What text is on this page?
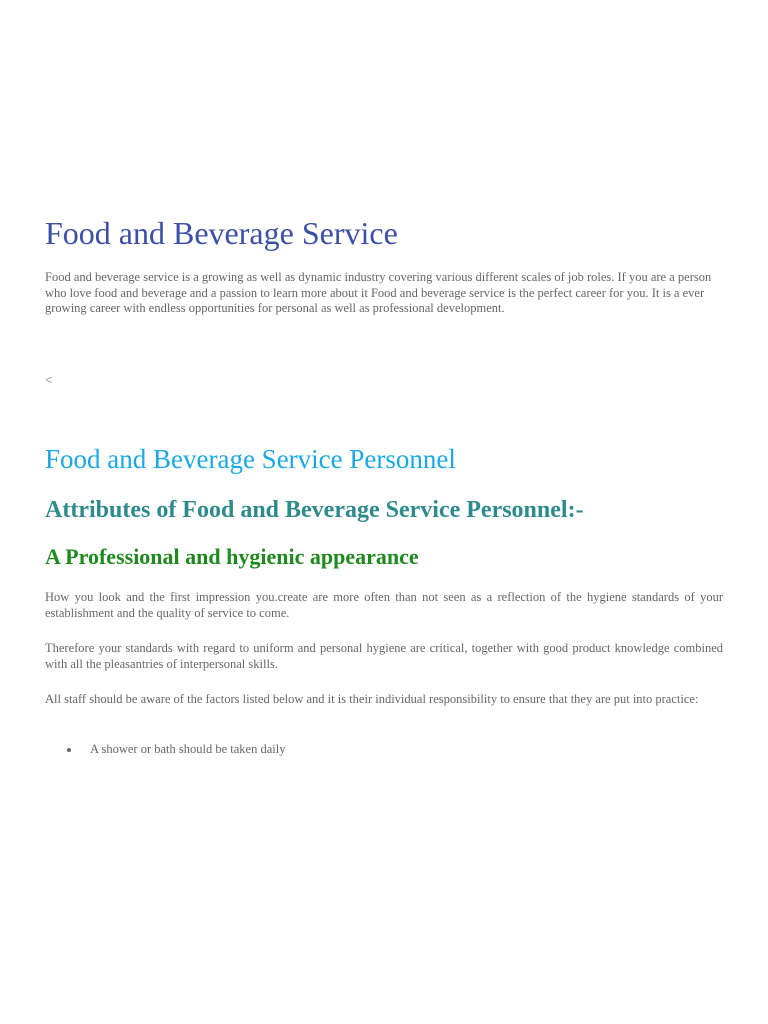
Food and Beverage Service

Food and beverage service is a growing as well as dynamic industry covering various different scales of job roles. If you are a person who love food and beverage and a passion to learn more about it Food and beverage service is the perfect career for you. It is a ever growing career with endless opportunities for personal as well as professional development.

<
Food and Beverage Service Personnel
Attributes of Food and Beverage Service Personnel:-
A Professional and hygienic appearance

How you look and the first impression you.create are more often than not seen as a reflection of the hygiene standards of your establishment and the quality of service to come.

Therefore your standards with regard to uniform and personal hygiene are critical, together with good product knowledge combined with all the pleasantries of interpersonal skills.

All staff should be aware of the factors listed below and it is their individual responsibility to ensure that they are put into practice:

A shower or bath should be taken daily
